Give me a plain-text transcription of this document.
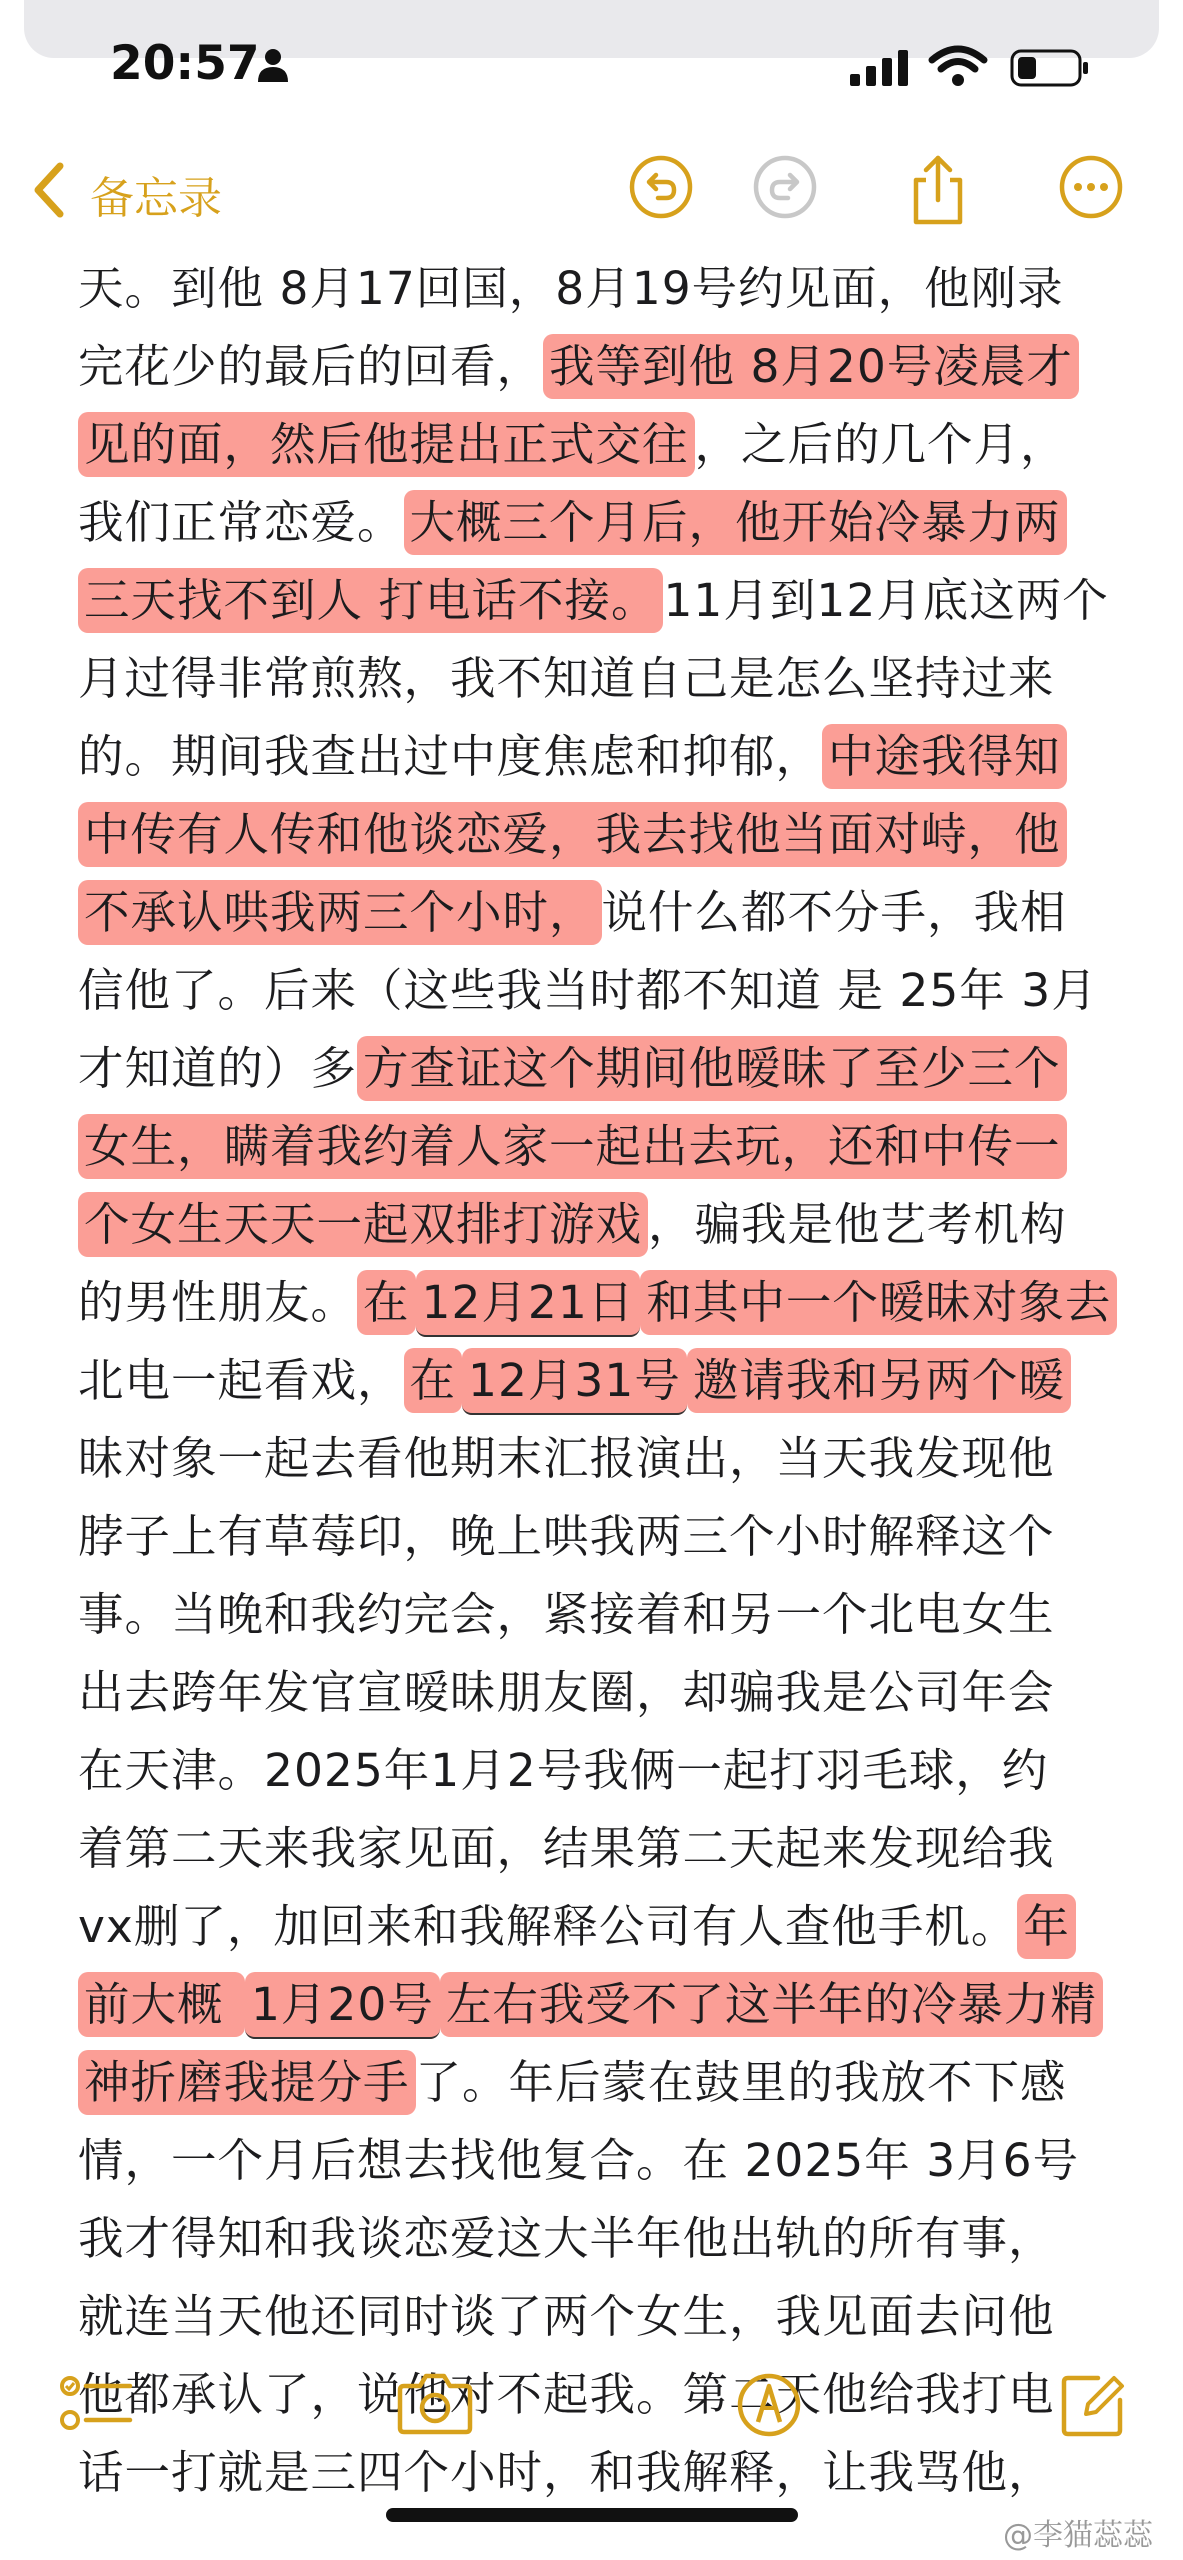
20:57
备忘录
天。到他 8月17回国，8月19号约见面，他刚录
完花少的最后的回看， 我等到他 8月20号凌晨才
见的面，然后他提出正式交往 ，之后的几个月，
我们正常恋爱。 大概三个月后，他开始冷暴力两
三天找不到人 打电话不接。 11月到12月底这两个
月过得非常煎熬，我不知道自己是怎么坚持过来
的。期间我查出过中度焦虑和抑郁， 中途我得知
中传有人传和他谈恋爱，我去找他当面对峙，他
不承认哄我两三个小时， 说什么都不分手，我相
信他了。后来（这些我当时都不知道 是 25年 3月
才知道的）多 方查证这个期间他暧昧了至少三个
女生，瞒着我约着人家一起出去玩，还和中传一
个女生天天一起双排打游戏 ，骗我是他艺考机构
的男性朋友。 在 12月21日 和其中一个暧昧对象去
北电一起看戏， 在 12月31号 邀请我和另两个暧
昧对象一起去看他期末汇报演出，当天我发现他
脖子上有草莓印，晚上哄我两三个小时解释这个
事。当晚和我约完会，紧接着和另一个北电女生
出去跨年发官宣暧昧朋友圈，却骗我是公司年会
在天津。2025年1月2号我俩一起打羽毛球，约
着第二天来我家见面，结果第二天起来发现给我
vx删了，加回来和我解释公司有人查他手机。 年
前大概 1月20号 左右我受不了这半年的冷暴力精
神折磨我提分手 了。年后蒙在鼓里的我放不下感
情，一个月后想去找他复合。在 2025年 3月6号
我才得知和我谈恋爱这大半年他出轨的所有事，
就连当天他还同时谈了两个女生，我见面去问他
他都承认了，说他对不起我。第二天他给我打电
话一打就是三四个小时，和我解释，让我骂他，
@李猫蕊蕊
